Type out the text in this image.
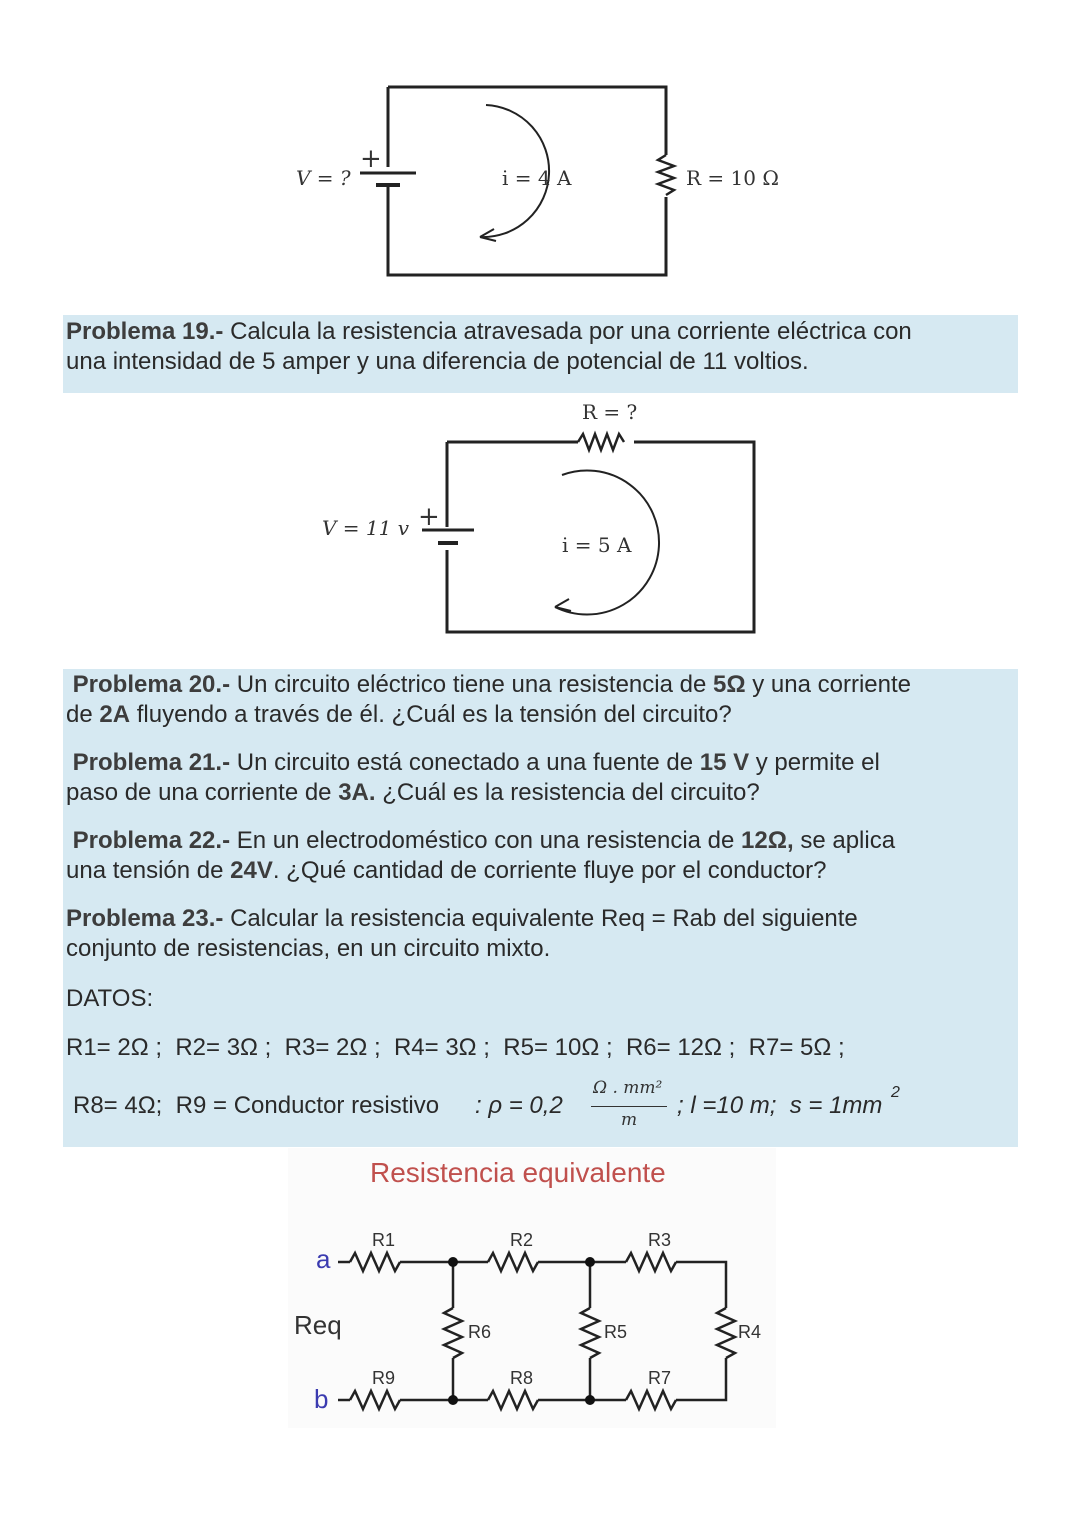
V = ?
+
i = 4 A	R = 10 Ω

Problema 19.- Calcula la resistencia atravesada por una corriente eléctrica con
una intensidad de 5 amper y una diferencia de potencial de 11 voltios.

R = ?
V = 11 v +
i = 5 A

Problema 20.- Un circuito eléctrico tiene una resistencia de 5Ω y una corriente
de 2A fluyendo a través de él. ¿Cuál es la tensión del circuito?

Problema 21.- Un circuito está conectado a una fuente de 15 V y permite el
paso de una corriente de 3A. ¿Cuál es la resistencia del circuito?

Problema 22.- En un electrodoméstico con una resistencia de 12Ω, se aplica
una tensión de 24V. ¿Qué cantidad de corriente fluye por el conductor?

Problema 23.- Calcular la resistencia equivalente Req = Rab del siguiente
conjunto de resistencias, en un circuito mixto.

DATOS:

R1= 2Ω ;  R2= 3Ω ;  R3= 2Ω ;  R4= 3Ω ;  R5= 10Ω ;  R6= 12Ω ;  R7= 5Ω ;

R8= 4Ω;  R9 = Conductor resistivo : ρ = 0,2
Ω . mm²
m
; l =10 m;  s = 1mm 2
Resistencia equivalente
a
b
Req
R1	R2	R3
R4
R5
R6
R7
R8
R9
